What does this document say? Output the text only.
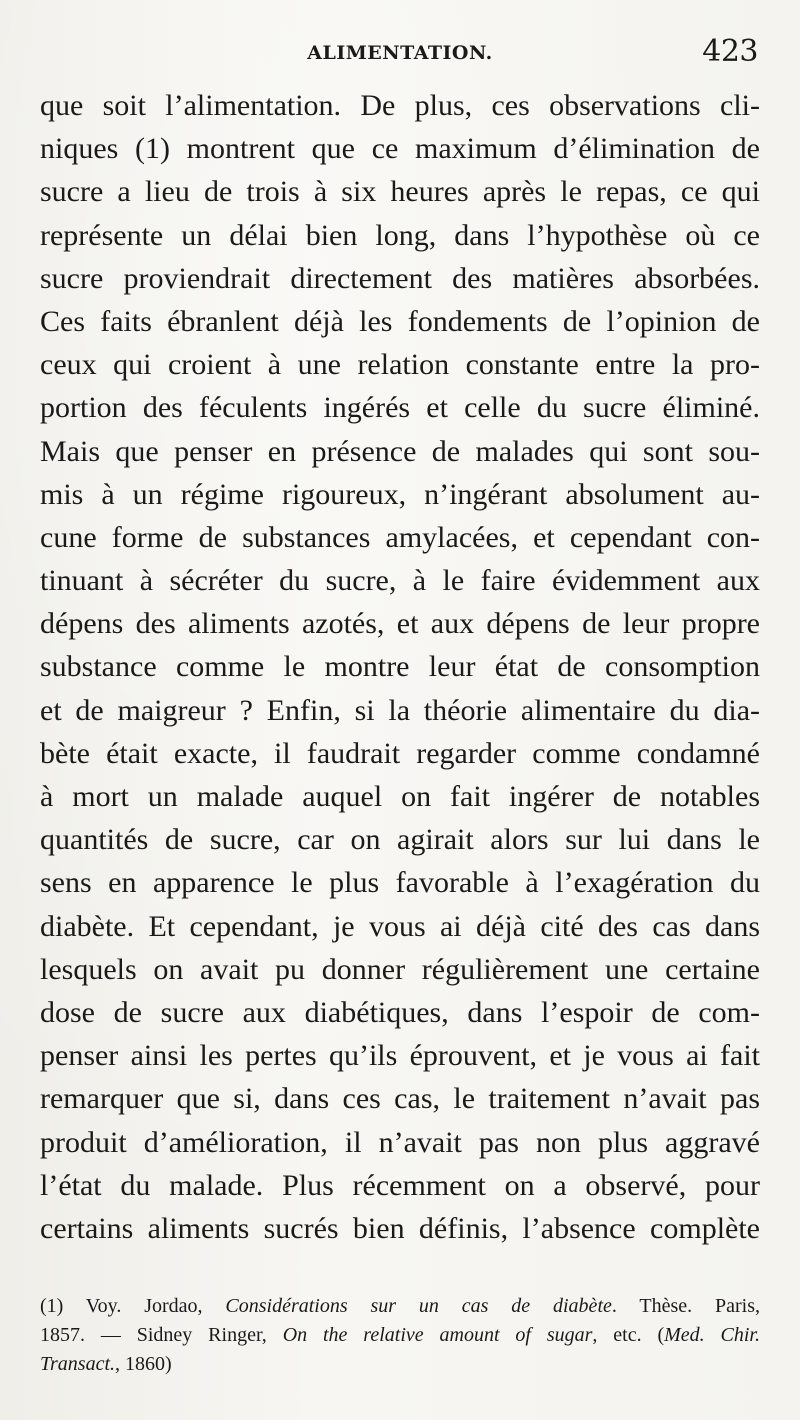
ALIMENTATION.	423
que soit l’alimentation. De plus, ces observations cli-
niques (1) montrent que ce maximum d’élimination de
sucre a lieu de trois à six heures après le repas, ce qui
représente un délai bien long, dans l’hypothèse où ce
sucre proviendrait directement des matières absorbées.
Ces faits ébranlent déjà les fondements de l’opinion de
ceux qui croient à une relation constante entre la pro-
portion des féculents ingérés et celle du sucre éliminé.
Mais que penser en présence de malades qui sont sou-
mis à un régime rigoureux, n’ingérant absolument au-
cune forme de substances amylacées, et cependant con-
tinuant à sécréter du sucre, à le faire évidemment aux
dépens des aliments azotés, et aux dépens de leur propre
substance comme le montre leur état de consomption
et de maigreur ? Enfin, si la théorie alimentaire du dia-
bète était exacte, il faudrait regarder comme condamné
à mort un malade auquel on fait ingérer de notables
quantités de sucre, car on agirait alors sur lui dans le
sens en apparence le plus favorable à l’exagération du
diabète. Et cependant, je vous ai déjà cité des cas dans
lesquels on avait pu donner régulièrement une certaine
dose de sucre aux diabétiques, dans l’espoir de com-
penser ainsi les pertes qu’ils éprouvent, et je vous ai fait
remarquer que si, dans ces cas, le traitement n’avait pas
produit d’amélioration, il n’avait pas non plus aggravé
l’état du malade. Plus récemment on a observé, pour
certains aliments sucrés bien définis, l’absence complète
(1) Voy. Jordao, Considérations sur un cas de diabète. Thèse. Paris,
1857. — Sidney Ringer, On the relative amount of sugar, etc. (Med. Chir.
Transact., 1860)
